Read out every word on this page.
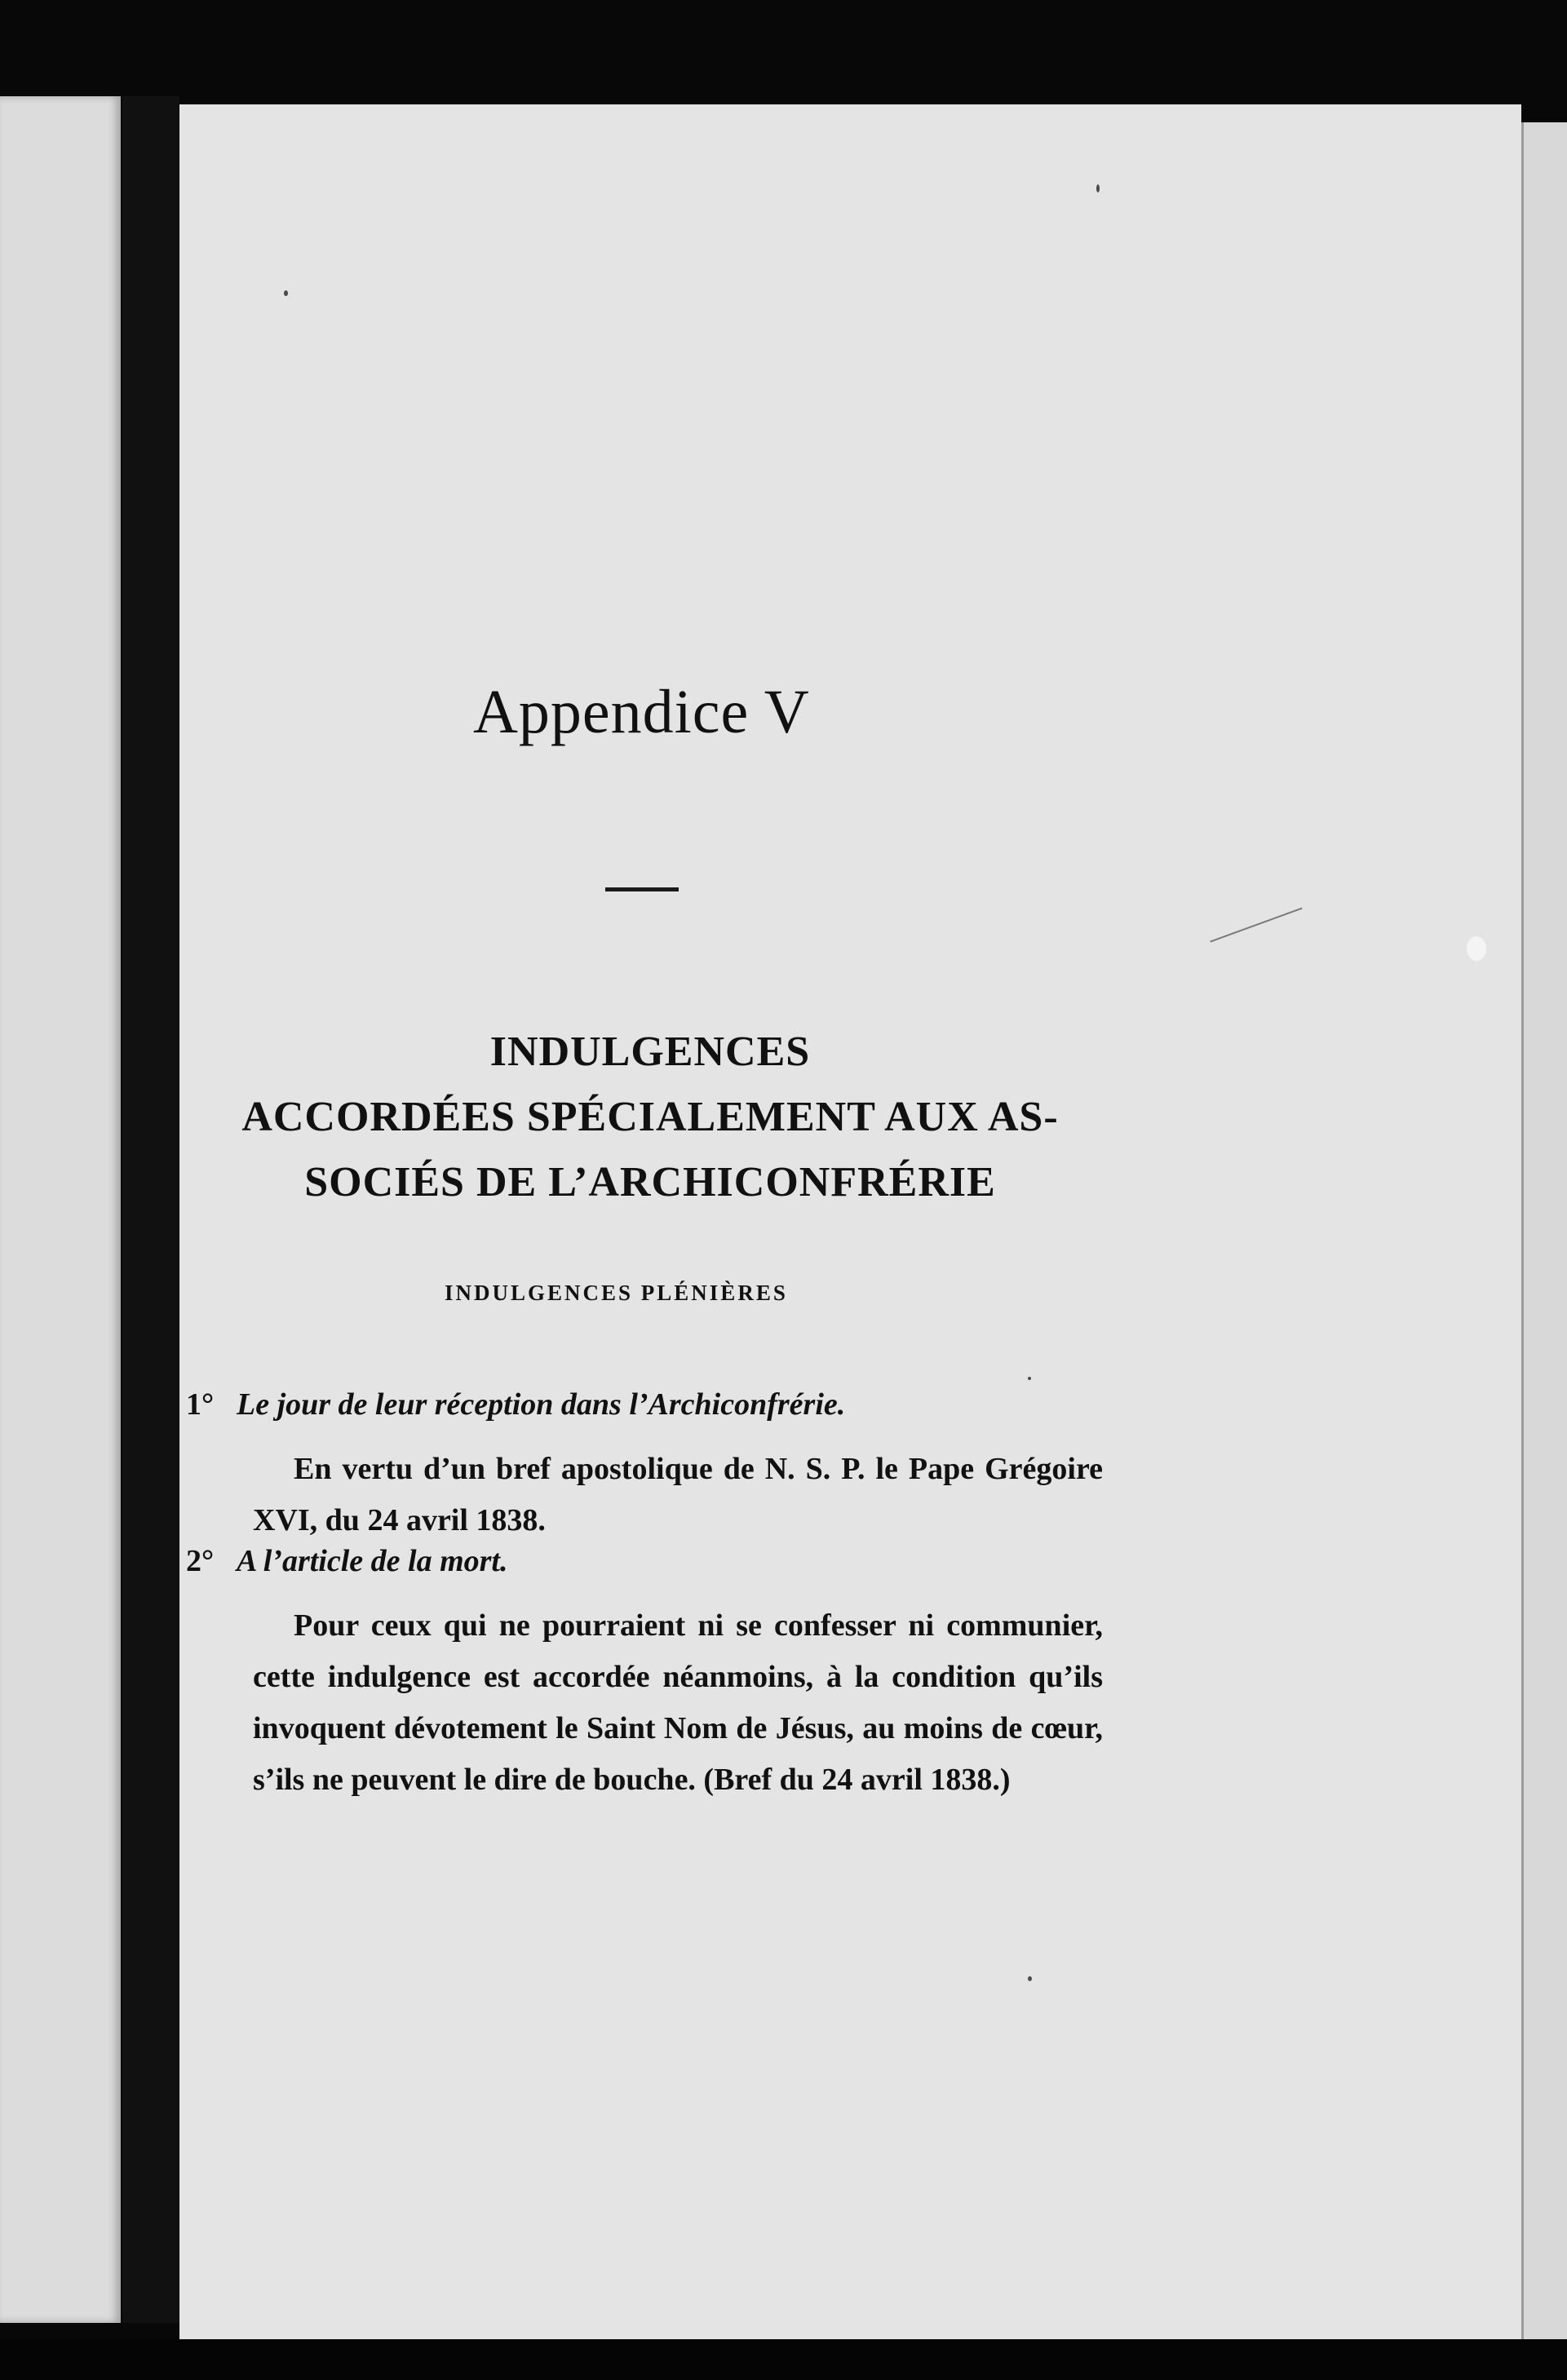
Appendice V
INDULGENCES
ACCORDÉES SPÉCIALEMENT AUX AS-
SOCIÉS DE L’ARCHICONFRÉRIE
INDULGENCES PLÉNIÈRES
1° Le jour de leur réception dans l’Archiconfrérie.

En vertu d’un bref apostolique de N. S. P. le Pape Grégoire XVI, du 24 avril 1838.

2° A l’article de la mort.

Pour ceux qui ne pourraient ni se confesser ni communier, cette indulgence est accordée néanmoins, à la condition qu’ils invoquent dévotement le Saint Nom de Jésus, au moins de cœur, s’ils ne peuvent le dire de bouche. (Bref du 24 avril 1838.)
